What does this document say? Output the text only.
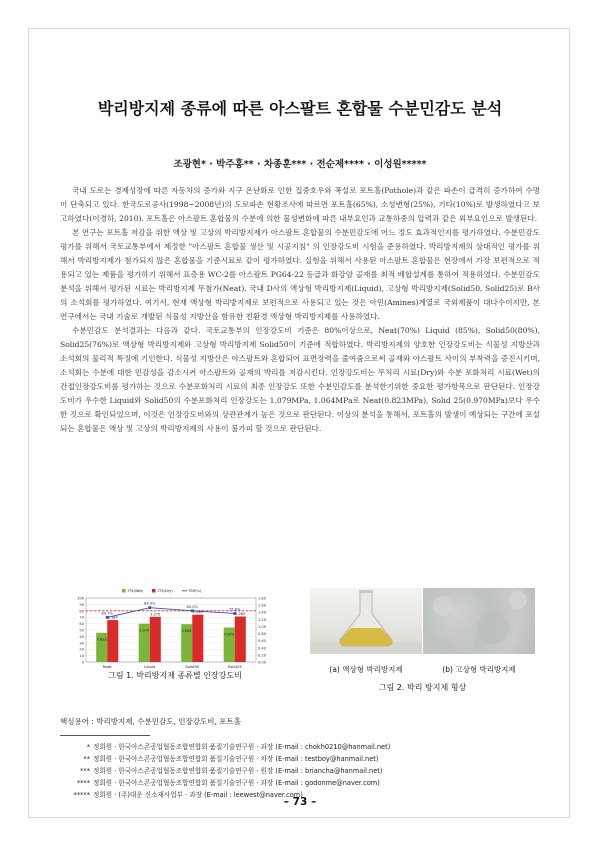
박리방지제 종류에 따른 아스팔트 혼합물 수분민감도 분석
조광현* · 박주홍** · 차종훈*** · 전순제**** · 이성원*****

국내 도로는 경제성장에 따른 자동차의 증가와 지구 온난화로 인한 집중호우와 폭설로 포트홀(Pothole)과 같은 파손이 급격히 증가하여 수명이 단축되고 있다. 한국도로공사(1998~2008년)의 도로파손 현황조사에 따르면 포트홀(65%), 소성변형(25%), 기타(10%)로 발생하였다고 보고하였다(이경하, 2010). 포트홀은 아스팔트 혼합물의 수분에 의한 물성변화에 따른 내부요인과 교통하중의 압력과 같은 외부요인으로 발생된다.

본 연구는 포트홀 저감을 위한 액상 및 고상의 박리방지제가 아스팔트 혼합물의 수분민감도에 어느 정도 효과적인지를 평가하였다. 수분민감도 평가를 위해서 국토교통부에서 제정한 "아스팔트 혼합물 생산 및 시공지침" 의 인장강도비 시험을 준용하였다. 박리방지제의 상대적인 평가를 위해서 박리방지제가 첨가되지 않은 혼합물을 기준시료로 같이 평가하였다. 실험을 위해서 사용된 아스팔트 혼합물은 현장에서 가장 보편적으로 적용되고 있는 제품을 평가하기 위해서 표층용 WC-2를 아스팔트 PG64-22 등급과 화강암 골재를 최적 배합설계를 통하여 적용하였다. 수분민감도 분석을 위해서 평가된 시료는 박리방지제 무첨가(Neat), 국내 D사의 액상형 박리방지제(Liquid), 고상형 박리방지제(Solid50, Solid25)로 B사의 소석회를 평가하였다. 여기서, 현재 액상형 박리방지제로 보편적으로 사용되고 있는 것은 아민(Amines)계열로 국외제품이 대다수이지만, 본 연구에서는 국내 기술로 개발된 식물성 지방산을 함유한 친환경 액상형 박리방지제를 사용하였다.

수분민감도 분석결과는 다음과 같다. 국토교통부의 인장강도비 기준은 80%이상으로, Neat(70%) Liquid (85%), Solid50(80%), Solid25(76%)로 액상형 박리방지제와 고상형 박리방지제 Solid50이 기준에 적합하였다. 박리방지제의 양호한 인장강도비는 식물성 지방산과 소석회의 물리적 특징에 기인한다. 식물성 지방산은 아스팔트와 혼합되어 표면장력을 줄여줌으로써 골재와 아스팔트 사이의 부착력을 증진시키며, 소석회는 수분에 대한 민감성을 감소시켜 아스팔트와 골재의 박리를 저감시킨다. 인장강도비는 무처리 시료(Dry)와 수분 포화처리 시료(Wet)의 간접인장강도비를 평가하는 것으로 수분포화처리 시료의 최종 인장강도 또한 수분민감도를 분석한기위한 중요한 평가항목으로 판단된다. 인장강도비가 우수한 Liquid와 Solid50의 수분포화처리 인장강도는 1.079MPa, 1.064MPa로 Neat(0.823MPa), Solid 25(0.970MPa)보다 우수한 것으로 확인되었으며, 이것은 인장강도비와의 상관관계가 높은 것으로 판단된다. 이상의 분석을 통해서, 포트홀의 발생이 예상되는 구간에 포설되는 혼합물은 액상 및 고상의 박리방지제의 사용이 불가피 할 것으로 판단된다.

ITS(Wet)	ITS(Dry)	TSR(%)
0
10
20
30
40
50
60
70
80
90
100
0.00
0.20
0.40
0.60
0.80
1.00
1.20
1.40
1.60
1.80
0.823
1.180
Neat
1.079
1.270
Liquid
1.064
1.330
Solid50
0.970
1.280
Solid25
69.7%
84.9%
80.0%
75.8%
그림 1. 박리방지제 종류별 인장강도비
(a) 액상형 박리방지제	(b) 고상형 박리방지제
그림 2. 박리 방지제 형상
핵심용어 : 박리방지제, 수분민감도, 인장강도비, 포트홀
* 정회원 · 한국아스콘공업협동조합연합회 품질기술연구원 · 과장 (E-mail : chokh0210@hanmail.net)
** 정회원 · 한국아스콘공업협동조합연합회 품질기술연구원 · 차장 (E-mail : testboy@hanmail.net)
*** 정회원 · 한국아스콘공업협동조합연합회 품질기술연구원 · 원장 (E-mail : briancha@hanmail.net)
**** 정회원 · 한국아스콘공업협동조합연합회 품질기술연구원 · 과장 (E-mail : godonme@naver.com)
***** 정회원 · (주)대운 신소재사업부 · 과장 (E-mail : leewest@naver.com)
– 73 –
